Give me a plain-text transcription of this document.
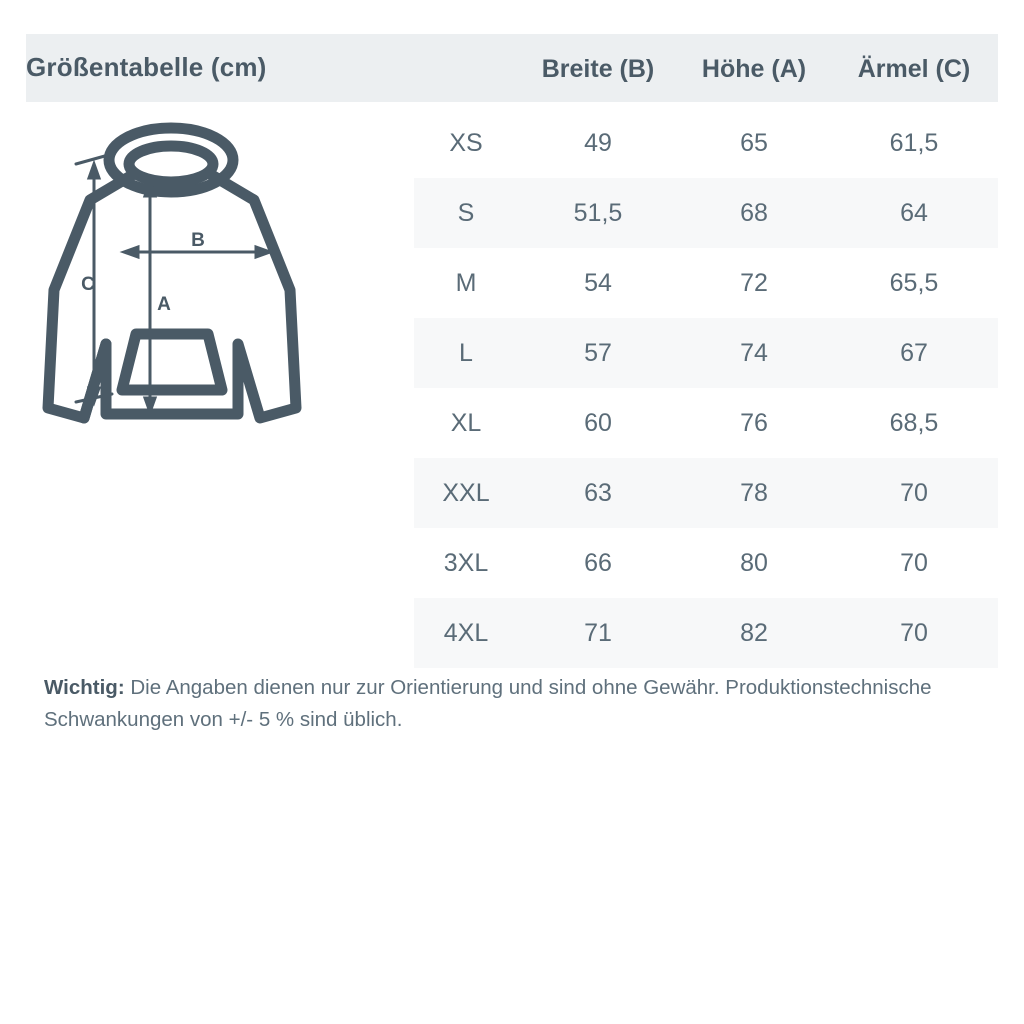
Größentabelle (cm)	Breite (B)	Höhe (A)	Ärmel (C)
XS	49	65	61,5
S	51,5	68	64
M	54	72	65,5
L	57	74	67
XL	60	76	68,5
XXL	63	78	70
3XL	66	80	70
4XL	71	82	70
Wichtig: Die Angaben dienen nur zur Orientierung und sind ohne Gewähr. Produktionstechnische Schwankungen von +/- 5 % sind üblich.
C
B
A
